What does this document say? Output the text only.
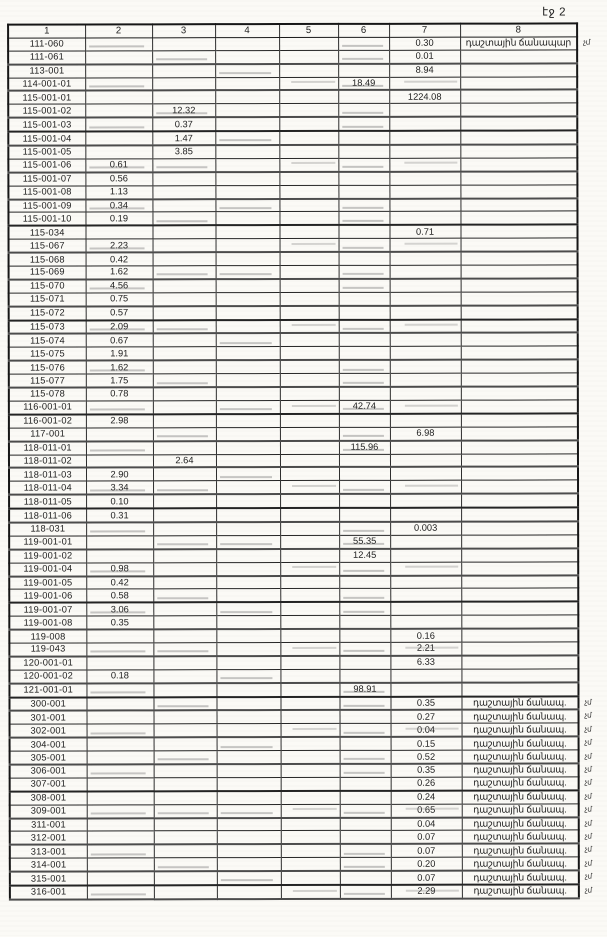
էջ 2
1	2	3	4	5	6	7	8
111-060						0.30	դաշտային ճանապար
111-061						0.01	
113-001						8.94	
114-001-01					18.49		
115-001-01						1224.08	
115-001-02		12.32					
115-001-03		0.37					
115-001-04		1.47					
115-001-05		3.85					
115-001-06	0.61						
115-001-07	0.56						
115-001-08	1.13						
115-001-09	0.34						
115-001-10	0.19						
115-034						0.71	
115-067	2.23						
115-068	0.42						
115-069	1.62						
115-070	4.56						
115-071	0.75						
115-072	0.57						
115-073	2.09						
115-074	0.67						
115-075	1.91						
115-076	1.62						
115-077	1.75						
115-078	0.78						
116-001-01					42.74		
116-001-02	2.98						
117-001						6.98	
118-011-01					115.96		
118-011-02		2.64					
118-011-03	2.90						
118-011-04	3.34						
118-011-05	0.10						
118-011-06	0.31						
118-031						0.003	
119-001-01					55.35		
119-001-02					12.45		
119-001-04	0.98						
119-001-05	0.42						
119-001-06	0.58						
119-001-07	3.06						
119-001-08	0.35						
119-008						0.16	
119-043						2.21	
120-001-01						6.33	
120-001-02	0.18						
121-001-01					98.91		
300-001						0.35	դաշտային ճանապ.
301-001						0.27	դաշտային ճանապ.
302-001						0.04	դաշտային ճանապ.
304-001						0.15	դաշտային ճանապ.
305-001						0.52	դաշտային ճանապ.
306-001						0.35	դաշտային ճանապ.
307-001						0.26	դաշտային ճանապ.
308-001						0.24	դաշտային ճանապ.
309-001						0.65	դաշտային ճանապ.
311-001						0.04	դաշտային ճանապ.
312-001						0.07	դաշտային ճանապ.
313-001						0.07	դաշտային ճանապ.
314-001						0.20	դաշտային ճանապ.
315-001						0.07	դաշտային ճանապ.
316-001						2.29	դաշտային ճանապ.
չմ
չմ
չմ
չմ
չմ
չմ
չմ
չմ
չմ
չմ
չմ
չմ
չմ
չմ
չմ
չմ
